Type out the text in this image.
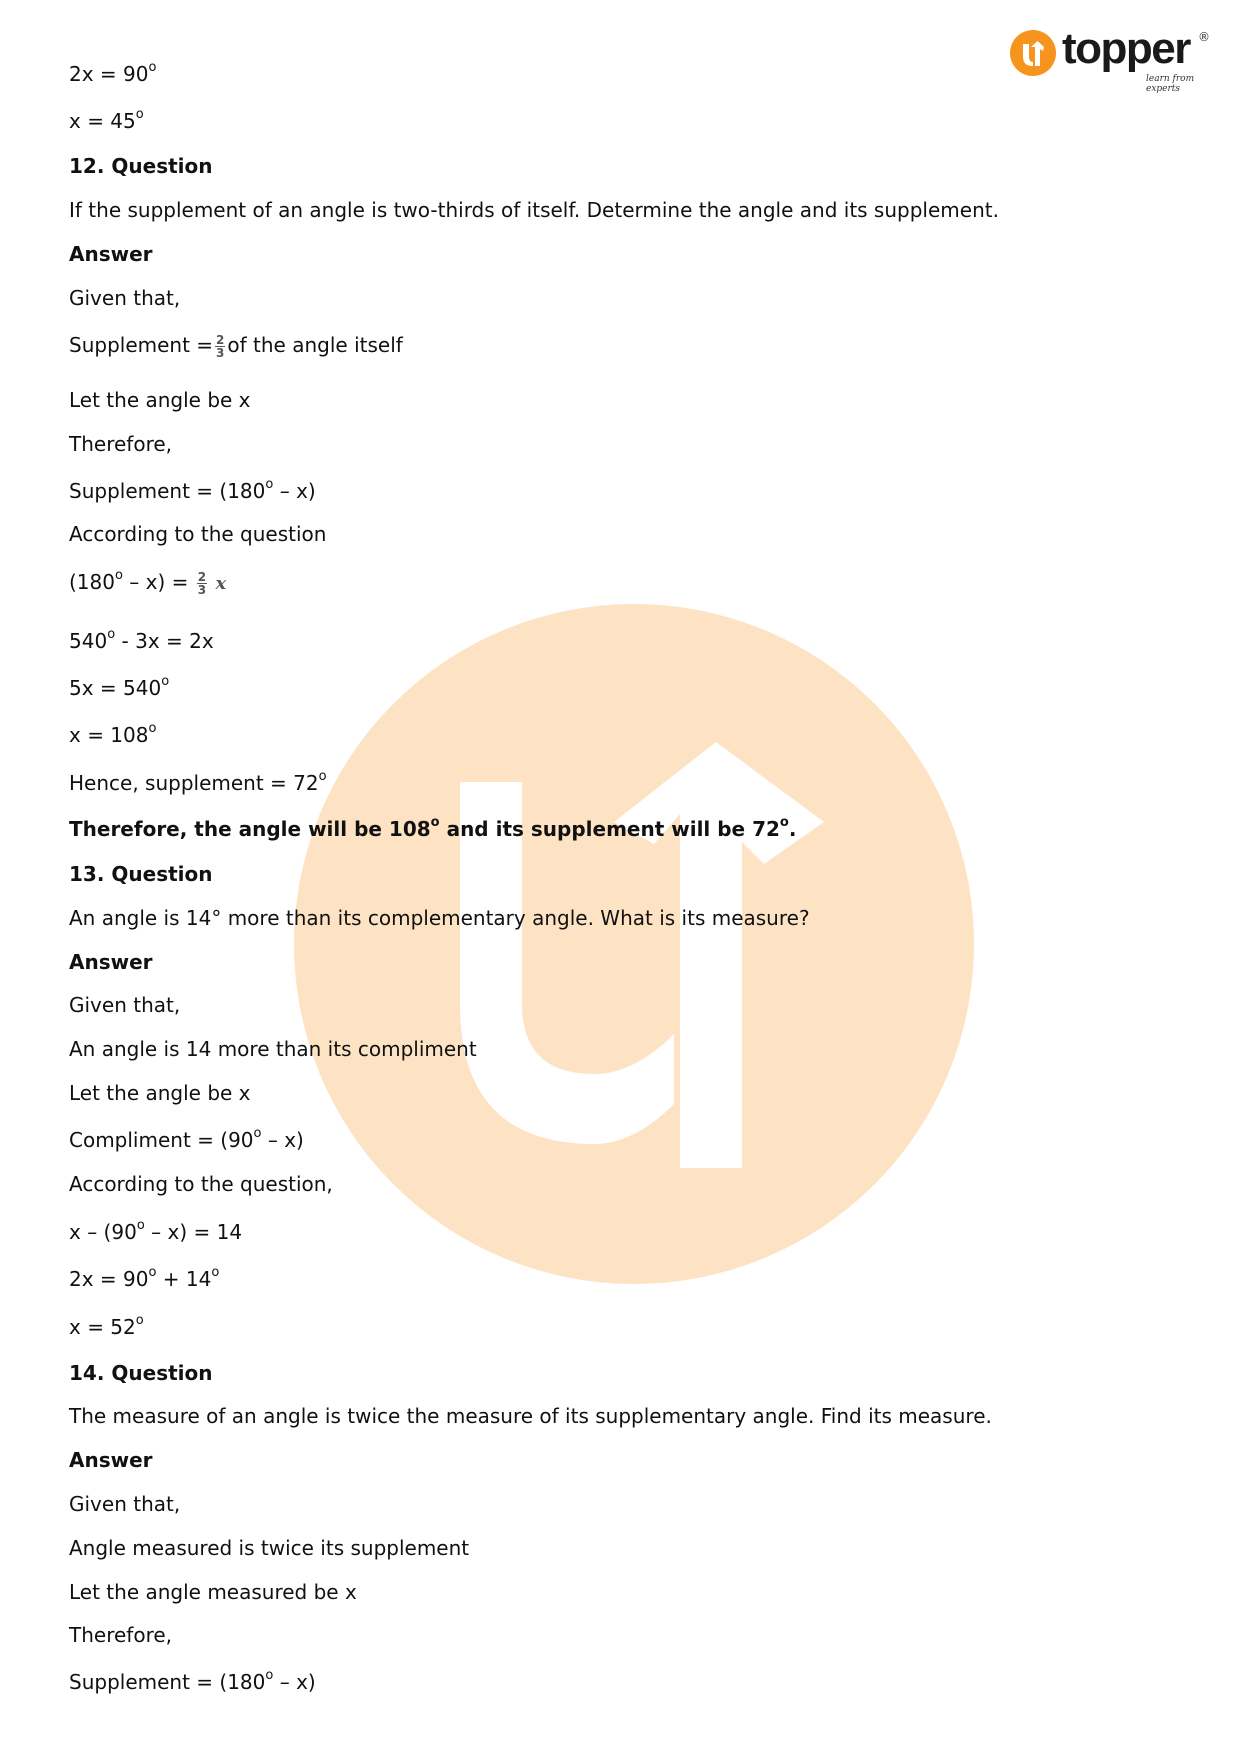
topper ®
learn from experts
$2x = 90^o$
$x = 45^o$
12. Question
If the supplement of an angle is two-thirds of itself. Determine the angle and its supplement.
Answer
Given that,
Supplement = $\frac{2}{3}$ of the angle itself
Let the angle be x
Therefore,
Supplement = $(180^o - x)$
According to the question
$(180^o - x) = \frac{2}{3}$ x
540$^o$ - 3x = 2x
$5x = 540^o$
$x = 108^o$
Hence, supplement = $72^o$
Therefore, the angle will be 108$^o$ and its supplement will be 72$^o$.
13. Question
An angle is 14° more than its complementary angle. What is its measure?
Answer
Given that,
An angle is 14 more than its compliment
Let the angle be x
Compliment = $(90^o - x)$
According to the question,
x – (90$^o$ – x) = 14
$2x = 90^o + 14^o$
$x = 52^o$
14. Question
The measure of an angle is twice the measure of its supplementary angle. Find its measure.
Answer
Given that,
Angle measured is twice its supplement
Let the angle measured be x
Therefore,
Supplement = $(180^o - x)$
